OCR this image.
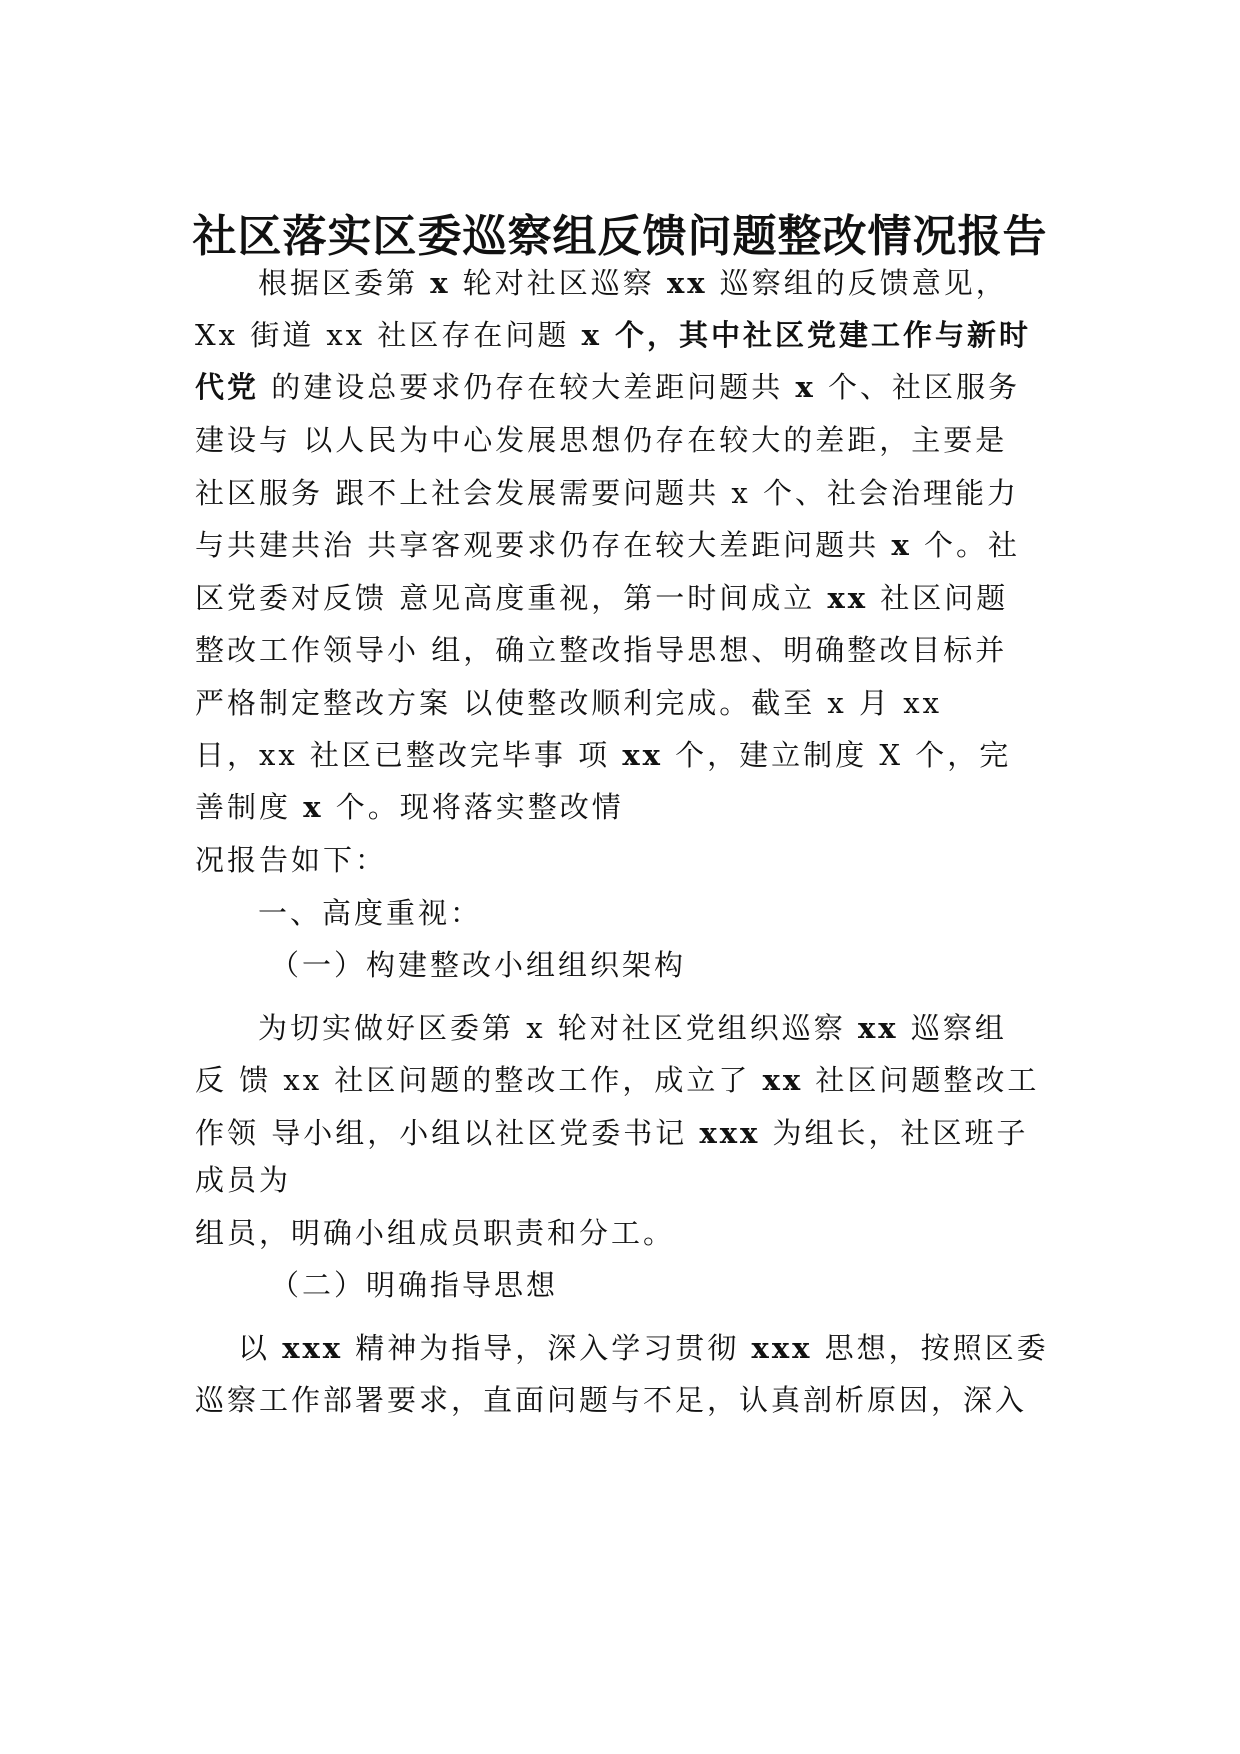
社区落实区委巡察组反馈问题整改情况报告
根据区委第 x 轮对社区巡察 xx 巡察组的反馈意见，
Xx 街道 xx 社区存在问题 x 个，其中社区党建工作与新时
代党 的建设总要求仍存在较大差距问题共 x 个、社区服务
建设与 以人民为中心发展思想仍存在较大的差距，主要是
社区服务 跟不上社会发展需要问题共 x 个、社会治理能力
与共建共治 共享客观要求仍存在较大差距问题共 x 个。社
区党委对反馈 意见高度重视，第一时间成立 xx 社区问题
整改工作领导小 组，确立整改指导思想、明确整改目标并
严格制定整改方案 以使整改顺利完成。截至 x 月 xx
日，xx 社区已整改完毕事 项 xx 个，建立制度 X 个，完
善制度 x 个。现将落实整改情
况报告如下：
一、高度重视：
（一）构建整改小组组织架构
为切实做好区委第 x 轮对社区党组织巡察 xx 巡察组
反 馈 xx 社区问题的整改工作，成立了 xx 社区问题整改工
作领 导小组，小组以社区党委书记 xxx 为组长，社区班子
成员为
组员，明确小组成员职责和分工。
（二）明确指导思想
以 xxx 精神为指导，深入学习贯彻 xxx 思想，按照区委
巡察工作部署要求，直面问题与不足，认真剖析原因，深入
